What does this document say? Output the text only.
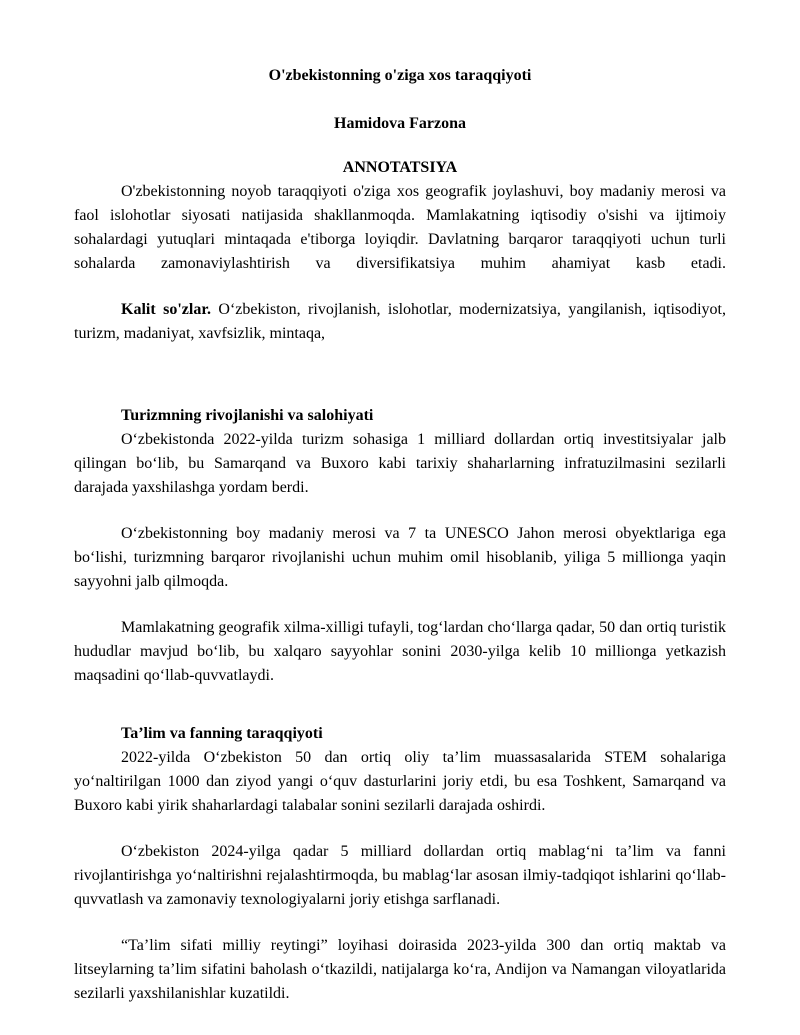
O'zbekistonning o'ziga xos taraqqiyoti

Hamidova Farzona

ANNOTATSIYA

O'zbekistonning noyob taraqqiyoti o'ziga xos geografik joylashuvi, boy madaniy merosi va faol islohotlar siyosati natijasida shakllanmoqda. Mamlakatning iqtisodiy o'sishi va ijtimoiy sohalardagi yutuqlari mintaqada e'tiborga loyiqdir. Davlatning barqaror taraqqiyoti uchun turli sohalarda zamonaviylashtirish va diversifikatsiya muhim ahamiyat kasb etadi.

Kalit so'zlar. O‘zbekiston, rivojlanish, islohotlar, modernizatsiya, yangilanish, iqtisodiyot, turizm, madaniyat, xavfsizlik, mintaqa,

Turizmning rivojlanishi va salohiyati

O‘zbekistonda 2022-yilda turizm sohasiga 1 milliard dollardan ortiq investitsiyalar jalb qilingan bo‘lib, bu Samarqand va Buxoro kabi tarixiy shaharlarning infratuzilmasini sezilarli darajada yaxshilashga yordam berdi.

O‘zbekistonning boy madaniy merosi va 7 ta UNESCO Jahon merosi obyektlariga ega bo‘lishi, turizmning barqaror rivojlanishi uchun muhim omil hisoblanib, yiliga 5 millionga yaqin sayyohni jalb qilmoqda.

Mamlakatning geografik xilma-xilligi tufayli, tog‘lardan cho‘llarga qadar, 50 dan ortiq turistik hududlar mavjud bo‘lib, bu xalqaro sayyohlar sonini 2030-yilga kelib 10 millionga yetkazish maqsadini qo‘llab-quvvatlaydi.

Ta’lim va fanning taraqqiyoti

2022-yilda O‘zbekiston 50 dan ortiq oliy ta’lim muassasalarida STEM sohalariga yo‘naltirilgan 1000 dan ziyod yangi o‘quv dasturlarini joriy etdi, bu esa Toshkent, Samarqand va Buxoro kabi yirik shaharlardagi talabalar sonini sezilarli darajada oshirdi.

O‘zbekiston 2024-yilga qadar 5 milliard dollardan ortiq mablag‘ni ta’lim va fanni rivojlantirishga yo‘naltirishni rejalashtirmoqda, bu mablag‘lar asosan ilmiy-tadqiqot ishlarini qo‘llab-quvvatlash va zamonaviy texnologiyalarni joriy etishga sarflanadi.

“Ta’lim sifati milliy reytingi” loyihasi doirasida 2023-yilda 300 dan ortiq maktab va litseylarning ta’lim sifatini baholash o‘tkazildi, natijalarga ko‘ra, Andijon va Namangan viloyatlarida sezilarli yaxshilanishlar kuzatildi.
